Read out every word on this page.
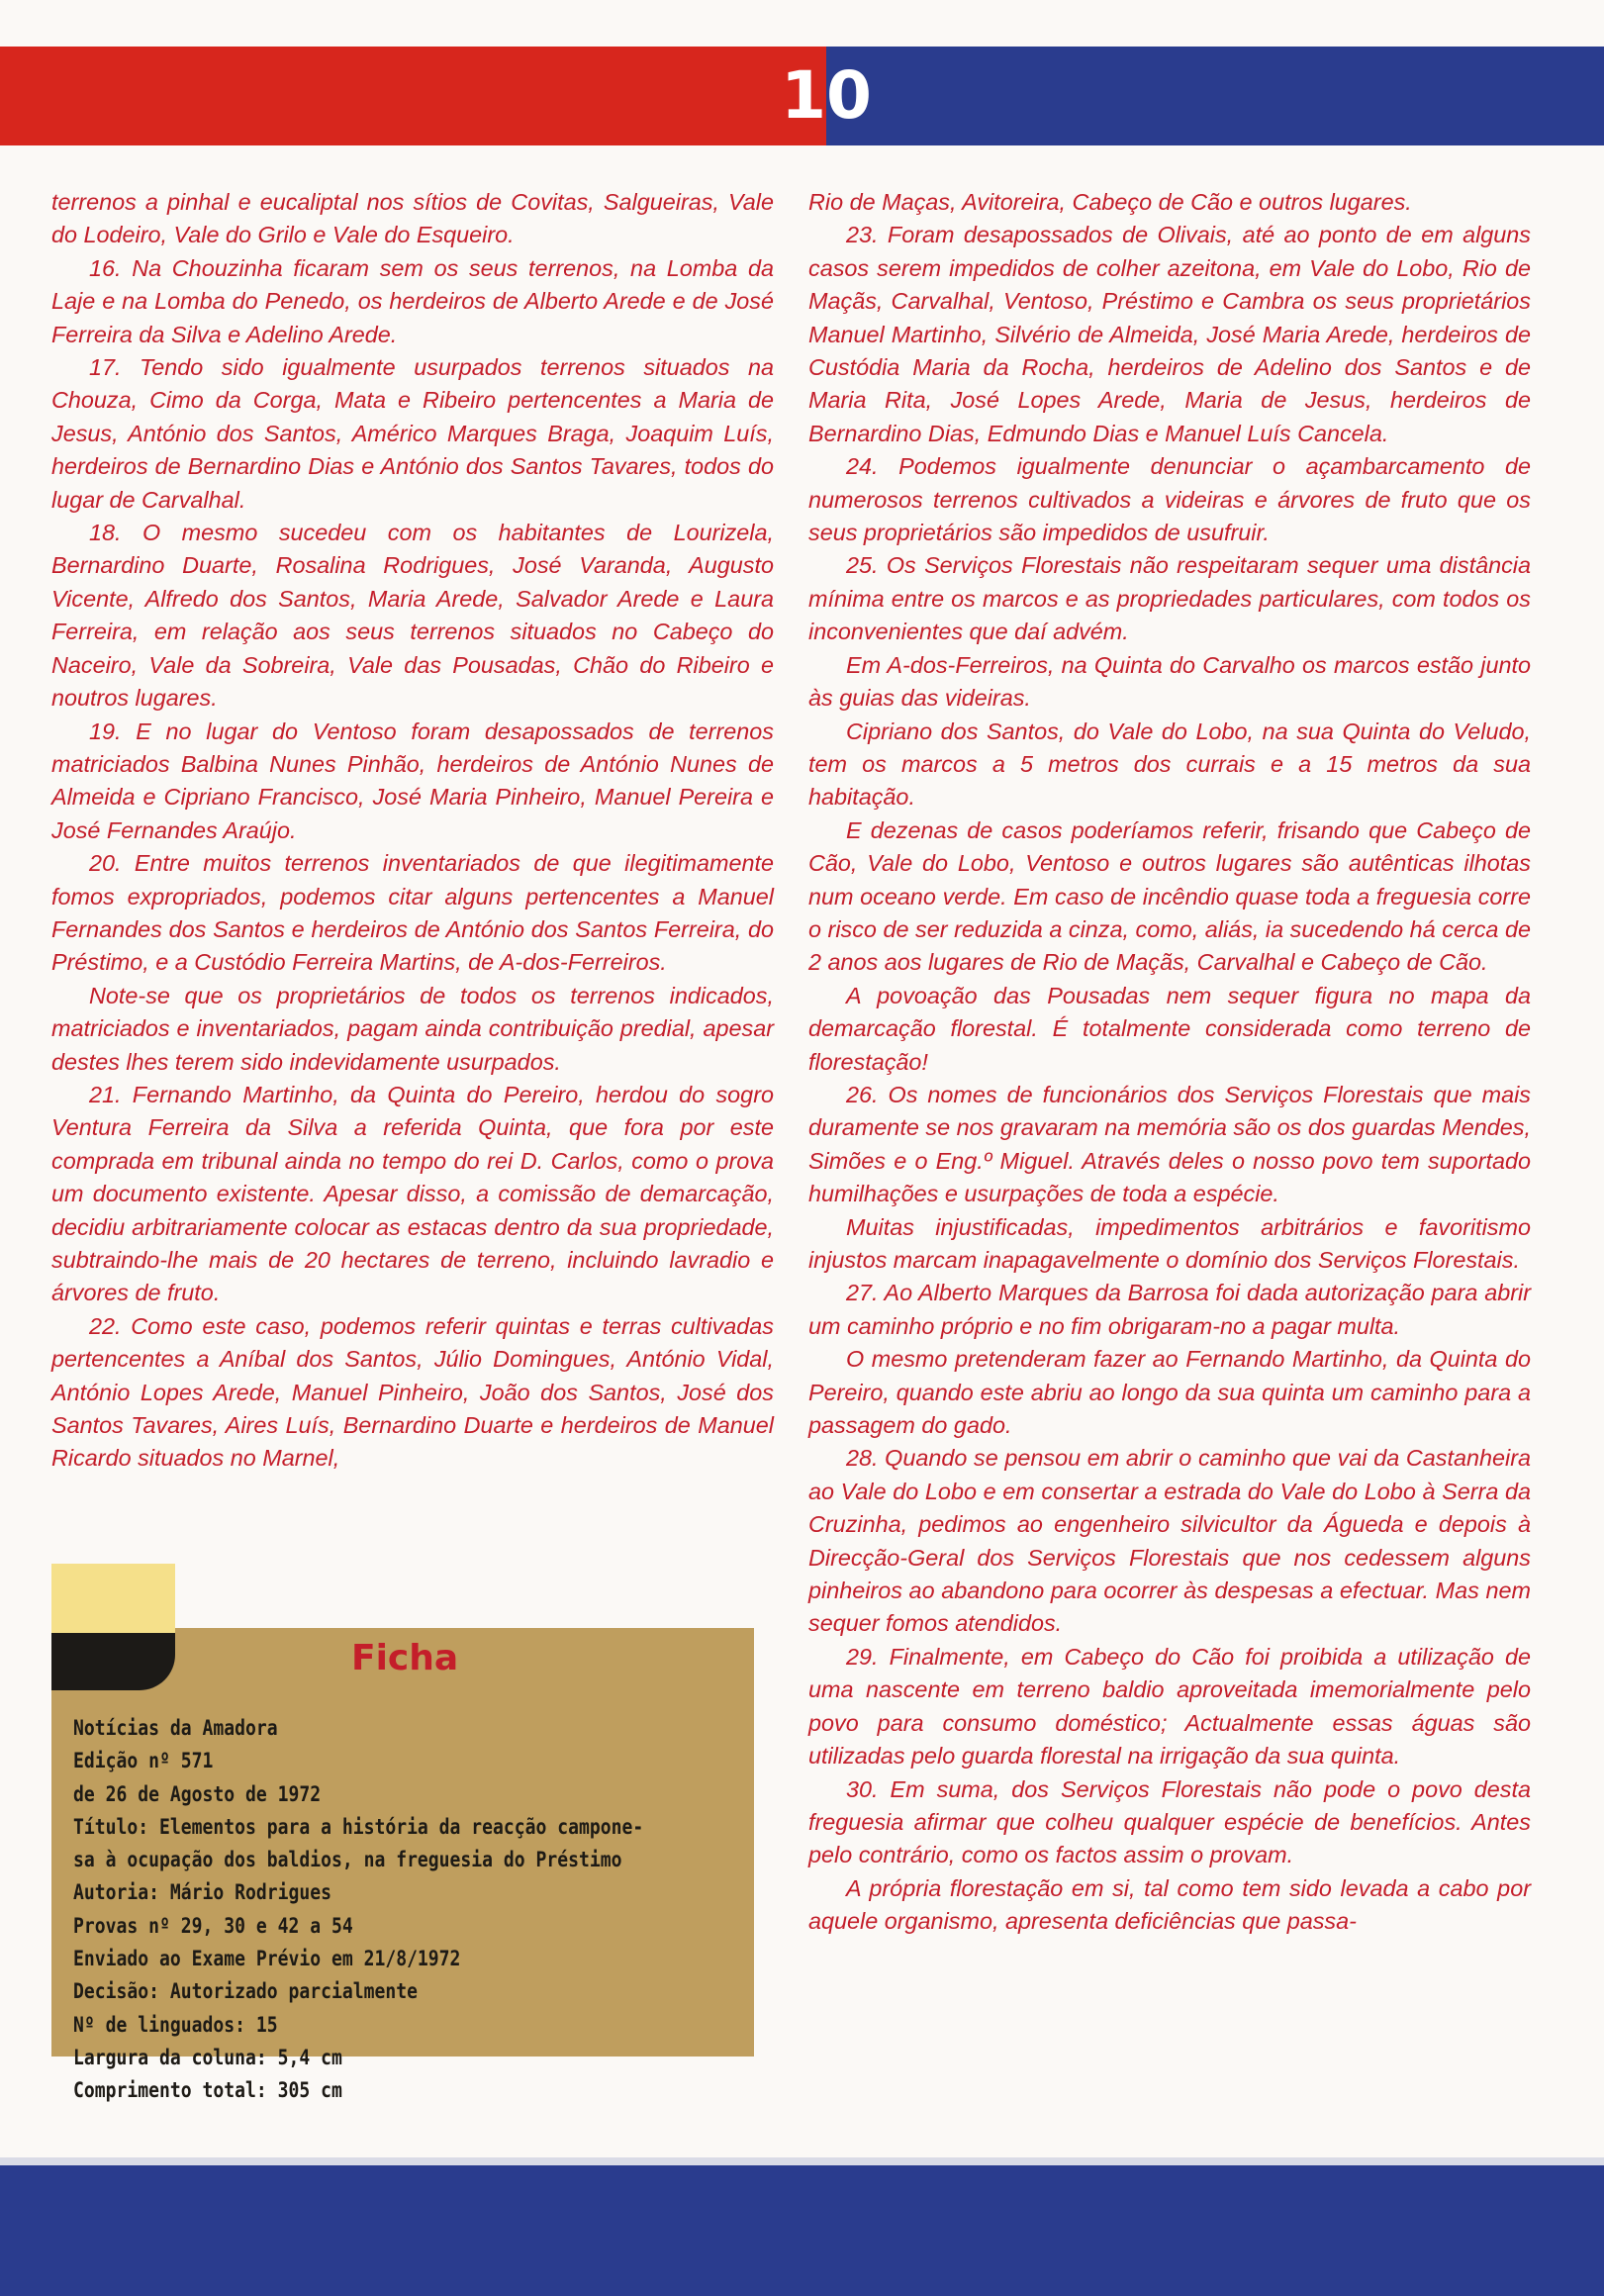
10

terrenos a pinhal e eucaliptal nos sítios de Covitas, Salgueiras, Vale do Lodeiro, Vale do Grilo e Vale do Esqueiro.

16. Na Chouzinha ficaram sem os seus terrenos, na Lomba da Laje e na Lomba do Penedo, os herdeiros de Alberto Arede e de José Ferreira da Silva e Adelino Arede.

17. Tendo sido igualmente usurpados terrenos situados na Chouza, Cimo da Corga, Mata e Ribeiro pertencentes a Maria de Jesus, António dos Santos, Américo Marques Braga, Joaquim Luís, herdeiros de Bernardino Dias e António dos Santos Tavares, todos do lugar de Carvalhal.

18. O mesmo sucedeu com os habitantes de Lourizela, Bernardino Duarte, Rosalina Rodrigues, José Varanda, Augusto Vicente, Alfredo dos Santos, Maria Arede, Salvador Arede e Laura Ferreira, em relação aos seus terrenos situados no Cabeço do Naceiro, Vale da Sobreira, Vale das Pousadas, Chão do Ribeiro e noutros lugares.

19. E no lugar do Ventoso foram desapossados de terrenos matriciados Balbina Nunes Pinhão, herdeiros de António Nunes de Almeida e Cipriano Francisco, José Maria Pinheiro, Manuel Pereira e José Fernandes Araújo.

20. Entre muitos terrenos inventariados de que ilegitimamente fomos expropriados, podemos citar alguns pertencentes a Manuel Fernandes dos Santos e herdeiros de António dos Santos Ferreira, do Préstimo, e a Custódio Ferreira Martins, de A-dos-Ferreiros.

Note-se que os proprietários de todos os terrenos indicados, matriciados e inventariados, pagam ainda contribuição predial, apesar destes lhes terem sido indevidamente usurpados.

21. Fernando Martinho, da Quinta do Pereiro, herdou do sogro Ventura Ferreira da Silva a referida Quinta, que fora por este comprada em tribunal ainda no tempo do rei D. Carlos, como o prova um documento existente. Apesar disso, a comissão de demarcação, decidiu arbitrariamente colocar as estacas dentro da sua propriedade, subtraindo-lhe mais de 20 hectares de terreno, incluindo lavradio e árvores de fruto.

22. Como este caso, podemos referir quintas e terras cultivadas pertencentes a Aníbal dos Santos, Júlio Domingues, António Vidal, António Lopes Arede, Manuel Pinheiro, João dos Santos, José dos Santos Tavares, Aires Luís, Bernardino Duarte e herdeiros de Manuel Ricardo situados no Marnel,

Rio de Maças, Avitoreira, Cabeço de Cão e outros lugares.

23. Foram desapossados de Olivais, até ao ponto de em alguns casos serem impedidos de colher azeitona, em Vale do Lobo, Rio de Maçãs, Carvalhal, Ventoso, Préstimo e Cambra os seus proprietários Manuel Martinho, Silvério de Almeida, José Maria Arede, herdeiros de Custódia Maria da Rocha, herdeiros de Adelino dos Santos e de Maria Rita, José Lopes Arede, Maria de Jesus, herdeiros de Bernardino Dias, Edmundo Dias e Manuel Luís Cancela.

24. Podemos igualmente denunciar o açambarcamento de numerosos terrenos cultivados a videiras e árvores de fruto que os seus proprietários são impedidos de usufruir.

25. Os Serviços Florestais não respeitaram sequer uma distância mínima entre os marcos e as propriedades particulares, com todos os inconvenientes que daí advém.

Em A-dos-Ferreiros, na Quinta do Carvalho os marcos estão junto às guias das videiras.

Cipriano dos Santos, do Vale do Lobo, na sua Quinta do Veludo, tem os marcos a 5 metros dos currais e a 15 metros da sua habitação.

E dezenas de casos poderíamos referir, frisando que Cabeço de Cão, Vale do Lobo, Ventoso e outros lugares são autênticas ilhotas num oceano verde. Em caso de incêndio quase toda a freguesia corre o risco de ser reduzida a cinza, como, aliás, ia sucedendo há cerca de 2 anos aos lugares de Rio de Maçãs, Carvalhal e Cabeço de Cão.

A povoação das Pousadas nem sequer figura no mapa da demarcação florestal. É totalmente considerada como terreno de florestação!

26. Os nomes de funcionários dos Serviços Florestais que mais duramente se nos gravaram na memória são os dos guardas Mendes, Simões e o Eng.º Miguel. Através deles o nosso povo tem suportado humilhações e usurpações de toda a espécie.

Muitas injustificadas, impedimentos arbitrários e favoritismo injustos marcam inapagavelmente o domínio dos Serviços Florestais.

27. Ao Alberto Marques da Barrosa foi dada autorização para abrir um caminho próprio e no fim obrigaram-no a pagar multa.

O mesmo pretenderam fazer ao Fernando Martinho, da Quinta do Pereiro, quando este abriu ao longo da sua quinta um caminho para a passagem do gado.

28. Quando se pensou em abrir o caminho que vai da Castanheira ao Vale do Lobo e em consertar a estrada do Vale do Lobo à Serra da Cruzinha, pedimos ao engenheiro silvicultor da Águeda e depois à Direcção-Geral dos Serviços Florestais que nos cedessem alguns pinheiros ao abandono para ocorrer às despesas a efectuar. Mas nem sequer fomos atendidos.

29. Finalmente, em Cabeço do Cão foi proibida a utilização de uma nascente em terreno baldio aproveitada imemorialmente pelo povo para consumo doméstico; Actualmente essas águas são utilizadas pelo guarda florestal na irrigação da sua quinta.

30. Em suma, dos Serviços Florestais não pode o povo desta freguesia afirmar que colheu qualquer espécie de benefícios. Antes pelo contrário, como os factos assim o provam.

A própria florestação em si, tal como tem sido levada a cabo por aquele organismo, apresenta deficiências que passa-

Ficha
Notícias da Amadora
Edição nº 571
de 26 de Agosto de 1972
Título: Elementos para a história da reacção campone-
sa à ocupação dos baldios, na freguesia do Préstimo
Autoria: Mário Rodrigues
Provas nº 29, 30 e 42 a 54
Enviado ao Exame Prévio em 21/8/1972
Decisão: Autorizado parcialmente
Nº de linguados: 15
Largura da coluna: 5,4 cm
Comprimento total: 305 cm
